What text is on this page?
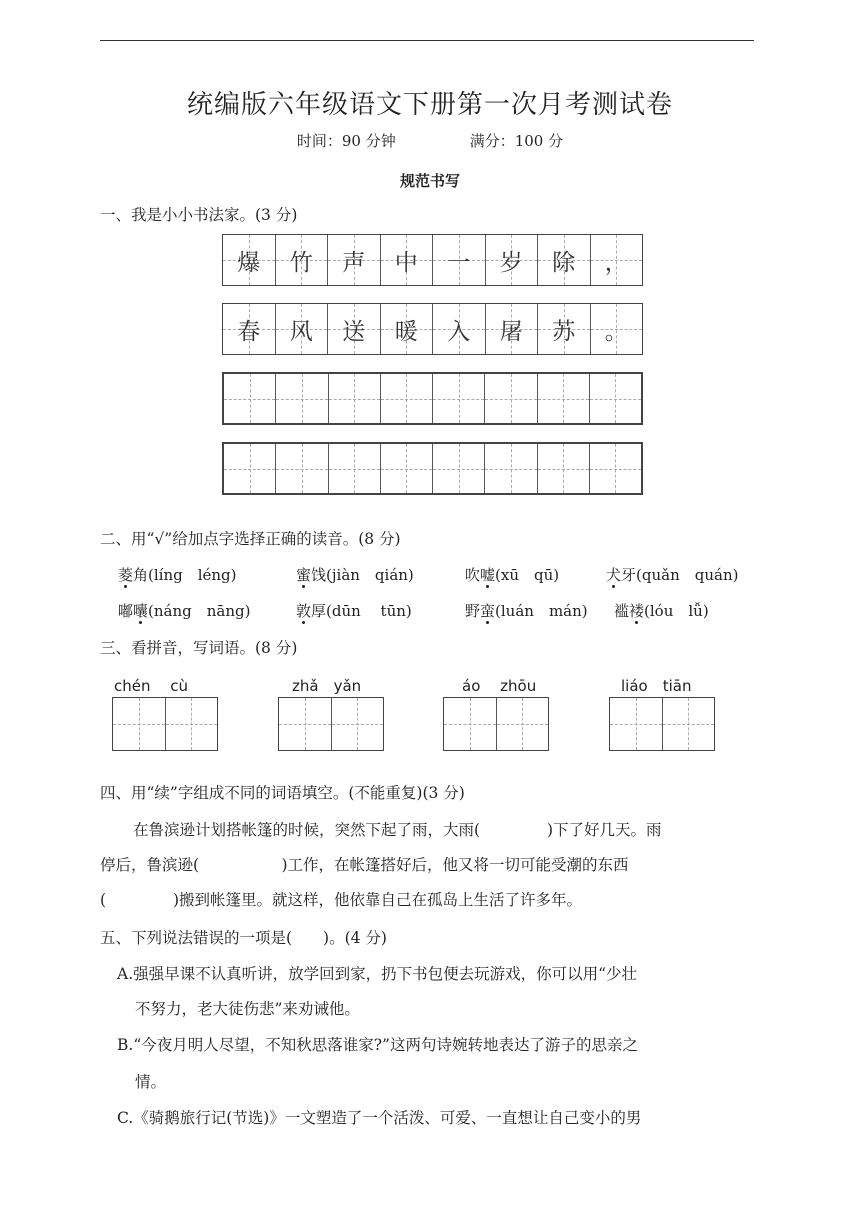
统编版六年级语文下册第一次月考测试卷
时间：90 分钟	满分：100 分
规范书写
一、我是小小书法家。(3 分)
爆 竹 声 中 一 岁 除 ，
春 风 送 暖 入 屠 苏 。
二、用“√”给加点字选择正确的读音。(8 分)
菱角(líng　léng)	蜜饯(jiàn　qián)	吹嘘(xū　qū)	犬牙(quǎn　quán)
嘟囔(náng　nāng)	敦厚(dūn　 tūn)	野蛮(luán　mán) 褴褛(lóu　lǚ)
三、看拼音，写词语。(8 分)
chén　 cù	zhǎ　yǎn	áo　 zhōu	liáo　tiān
四、用“续”字组成不同的词语填空。(不能重复)(3 分)
在鲁滨逊计划搭帐篷的时候，突然下起了雨，大雨(　　　　 )下了好几天。雨
停后，鲁滨逊(　　　　　 )工作，在帐篷搭好后，他又将一切可能受潮的东西
(　　　　 )搬到帐篷里。就这样，他依靠自己在孤岛上生活了许多年。
五、下列说法错误的一项是(　　)。(4 分)
A.强强早课不认真听讲，放学回到家，扔下书包便去玩游戏，你可以用“少壮
不努力，老大徒伤悲”来劝诫他。
B.“今夜月明人尽望，不知秋思落谁家?”这两句诗婉转地表达了游子的思亲之
情。
C.《骑鹅旅行记(节选)》一文塑造了一个活泼、可爱、一直想让自己变小的男
